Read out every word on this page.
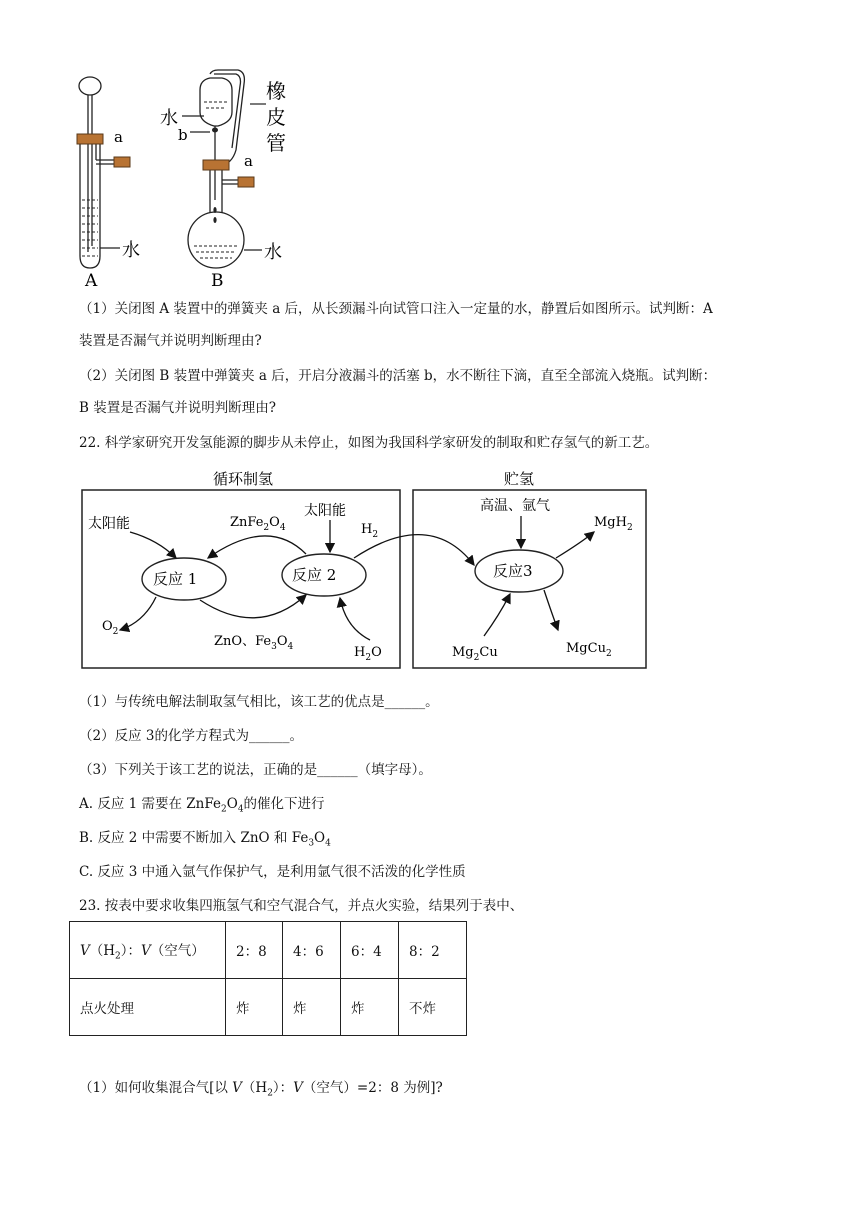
a
水
A
水
b
橡
皮
管
a
水
B
（1）关闭图 A 装置中的弹簧夹 a 后，从长颈漏斗向试管口注入一定量的水，静置后如图所示。试判断：A
装置是否漏气并说明判断理由?
（2）关闭图 B 装置中弹簧夹 a 后，开启分液漏斗的活塞 b，水不断往下滴，直至全部流入烧瓶。试判断：
B 装置是否漏气并说明判断理由?
22. 科学家研究开发氢能源的脚步从未停止，如图为我国科学家研发的制取和贮存氢气的新工艺。
循环制氢	贮氢
反应 1	反应 2	反应3
太阳能
太阳能
$ZnFe_2O_4$
ZnO、$Fe_3O_4$
$O_2$
$H_2O$
$H_2$
高温、氩气
MgH$_2$
$Mg_2Cu$	MgCu$_2$
（1）与传统电解法制取氢气相比，该工艺的优点是______。
（2）反应 3的化学方程式为______。
（3）下列关于该工艺的说法，正确的是______（填字母）。
A. 反应 1 需要在 $ZnFe_2O_4$的催化下进行
B. 反应 2 中需要不断加入 ZnO 和 $Fe_3O_4$
C. 反应 3 中通入氩气作保护气，是利用氩气很不活泼的化学性质
23. 按表中要求收集四瓶氢气和空气混合气，并点火实验，结果列于表中、
$V(H_2)$：V（空气）	2：8	4：6	6：4	8：2
点火处理	炸	炸	炸	不炸
（1）如何收集混合气[以 $V(H_2)$：V（空气）=2：8 为例]?
